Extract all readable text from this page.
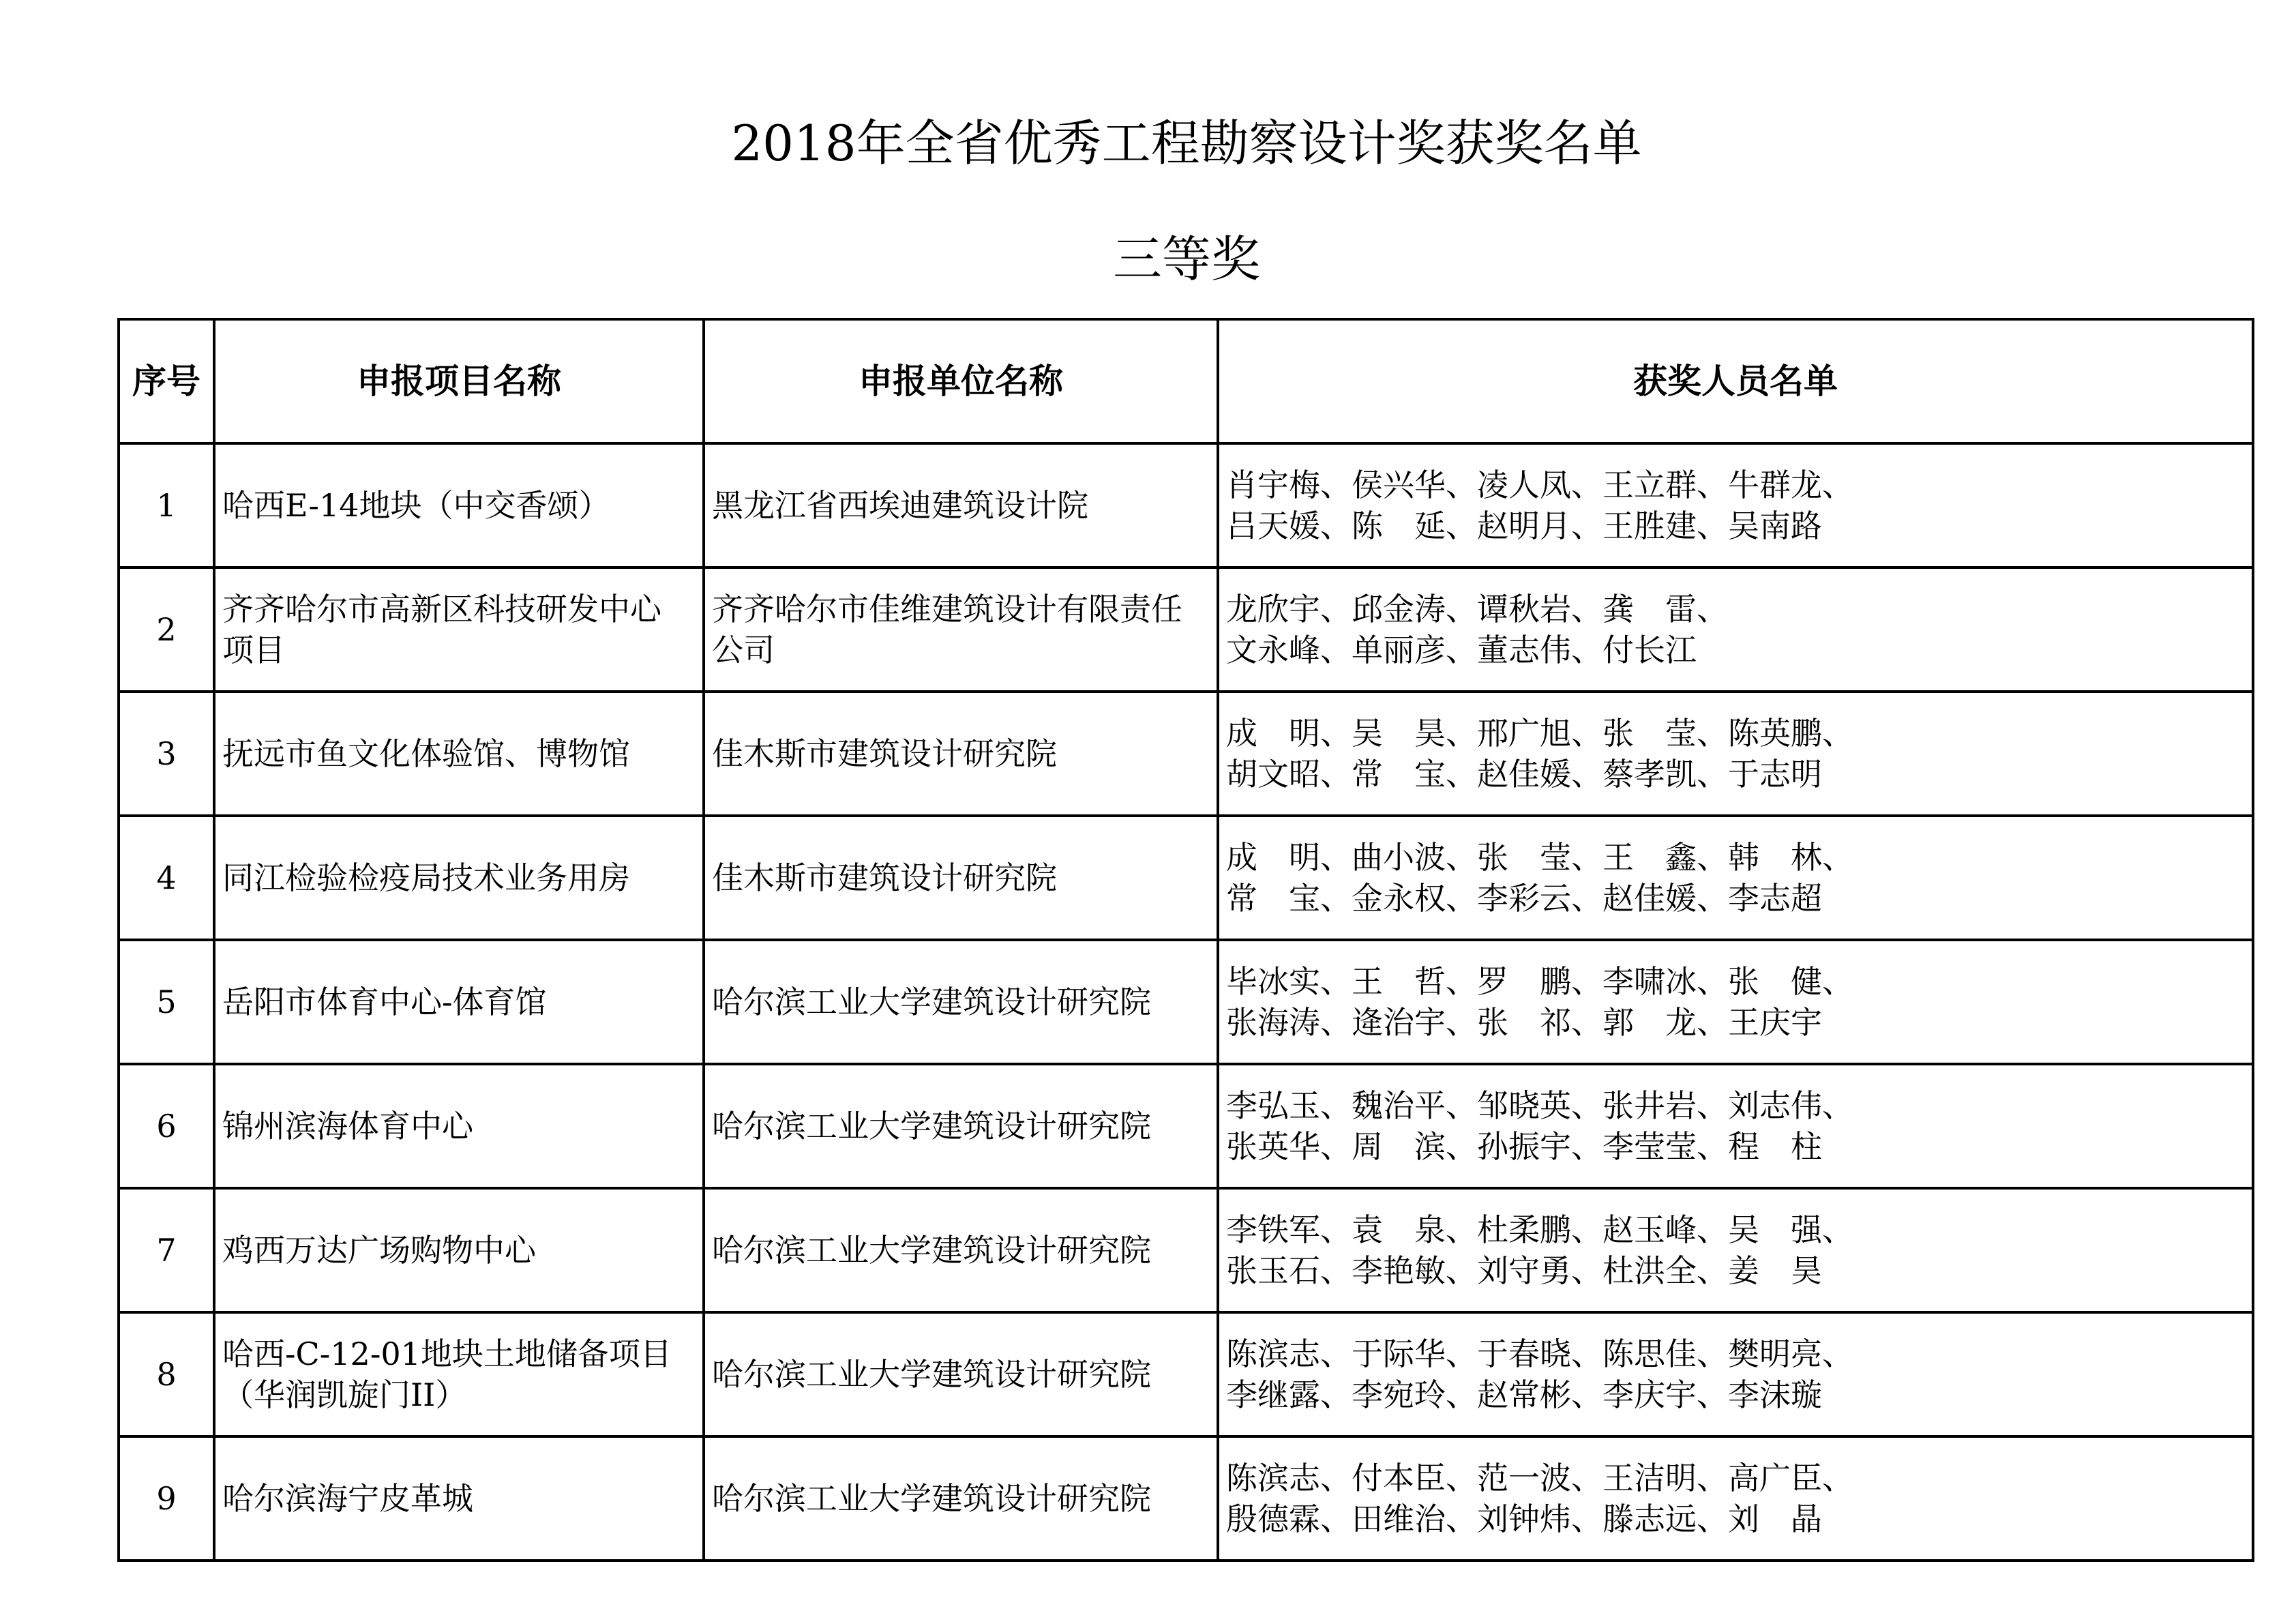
2018年全省优秀工程勘察设计奖获奖名单
三等奖
序号	申报项目名称	申报单位名称	获奖人员名单
1	哈西E-14地块（中交香颂）	黑龙江省西埃迪建筑设计院	肖宇梅、侯兴华、凌人凤、王立群、牛群龙、
吕天媛、陈　延、赵明月、王胜建、吴南路

2	齐齐哈尔市高新区科技研发中心
项目	齐齐哈尔市佳维建筑设计有限责任
公司	龙欣宇、邱金涛、谭秋岩、龚　雷、
文永峰、单丽彦、董志伟、付长江

3	抚远市鱼文化体验馆、博物馆	佳木斯市建筑设计研究院	成　明、吴　昊、邢广旭、张　莹、陈英鹏、
胡文昭、常　宝、赵佳媛、蔡孝凯、于志明

4	同江检验检疫局技术业务用房	佳木斯市建筑设计研究院	成　明、曲小波、张　莹、王　鑫、韩　林、
常　宝、金永权、李彩云、赵佳媛、李志超

5	岳阳市体育中心-体育馆	哈尔滨工业大学建筑设计研究院	毕冰实、王　哲、罗　鹏、李啸冰、张　健、
张海涛、逄治宇、张　祁、郭　龙、王庆宇

6	锦州滨海体育中心	哈尔滨工业大学建筑设计研究院	李弘玉、魏治平、邹晓英、张井岩、刘志伟、
张英华、周　滨、孙振宇、李莹莹、程　柱

7	鸡西万达广场购物中心	哈尔滨工业大学建筑设计研究院	李铁军、袁　泉、杜柔鹏、赵玉峰、吴　强、
张玉石、李艳敏、刘守勇、杜洪全、姜　昊

8	哈西-C-12-01地块土地储备项目
（华润凯旋门II）	哈尔滨工业大学建筑设计研究院	陈滨志、于际华、于春晓、陈思佳、樊明亮、
李继露、李宛玲、赵常彬、李庆宇、李沫璇

9	哈尔滨海宁皮革城	哈尔滨工业大学建筑设计研究院	陈滨志、付本臣、范一波、王洁明、高广臣、
殷德霖、田维治、刘钟炜、滕志远、刘　晶
